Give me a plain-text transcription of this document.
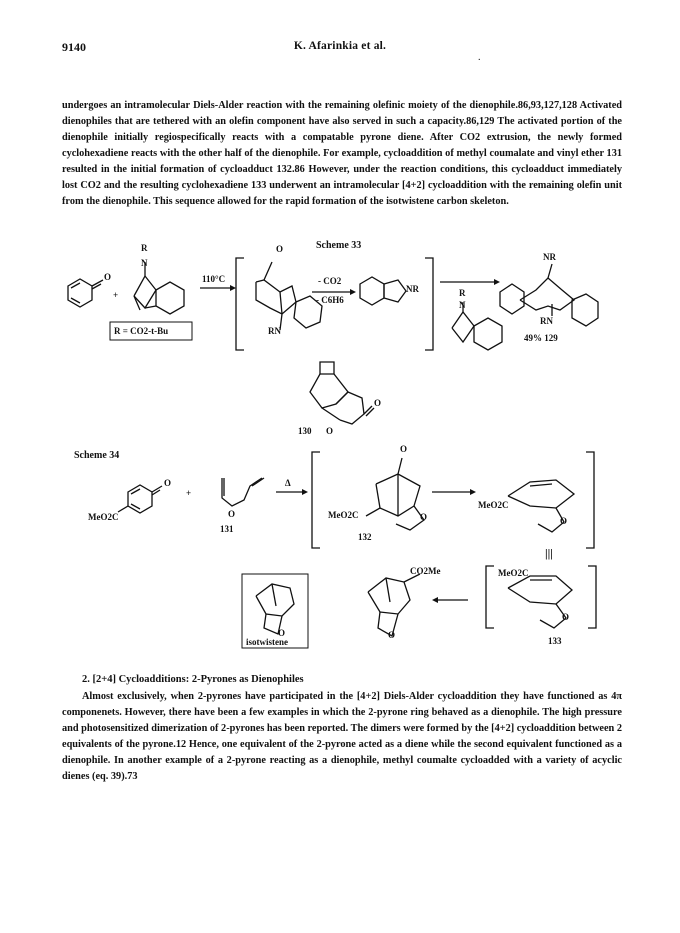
9140	K. Afarinkia et al.
.

undergoes an intramolecular Diels-Alder reaction with the remaining olefinic moiety of the dienophile.86,93,127,128 Activated dienophiles that are tethered with an olefin component have also served in such a capacity.86,129 The activated portion of the dienophile initially regiospecifically reacts with a compatable pyrone diene. After CO2 extrusion, the newly formed cyclohexadiene reacts with the other half of the dienophile. For example, cycloaddition of methyl coumalate and vinyl ether 131 resulted in the initial formation of cycloadduct 132.86 However, under the reaction conditions, this cycloadduct immediately lost CO2 and the resulting cyclohexadiene 133 underwent an intramolecular [4+2] cycloaddition with the remaining olefin unit from the dienophile. This sequence allowed for the rapid formation of the isotwistene carbon skeleton.

Scheme 33
R
N
O
+
R = CO2-t-Bu
110°C
O
- CO2
- C6H6
RN
NR	R
N
NR
RN
49% 129
130 O
O
Scheme 34
O
MeO2C
+
O
131
Δ
O
MeO2C	O
132
MeO2C
O
|||
MeO2C
O
133
CO2Me
O
O
isotwistene
2. [2+4] Cycloadditions: 2-Pyrones as Dienophiles

Almost exclusively, when 2-pyrones have participated in the [4+2] Diels-Alder cycloaddition they have functioned as 4π componenets. However, there have been a few examples in which the 2-pyrone ring behaved as a dienophile. The high pressure and photosensitized dimerization of 2-pyrones has been reported. The dimers were formed by the [4+2] cycloaddition between 2 equivalents of the pyrone.12 Hence, one equivalent of the 2-pyrone acted as a diene while the second equivalent functioned as a dienophile. In another example of a 2-pyrone reacting as a dienophile, methyl coumalte cycloadded with a variety of acyclic dienes (eq. 39).73
